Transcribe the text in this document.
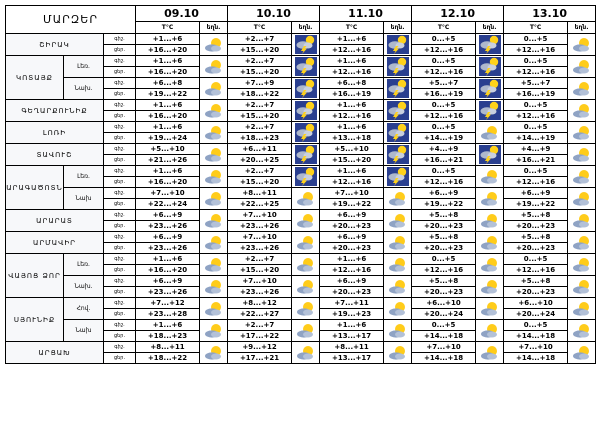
ՄԱՐԶԵՐ			09.10		10.10		11.10		12.10		13.10	
			T°C	եղն.	T°C	եղն.	T°C	եղն.	T°C	եղն.	T°C	եղն.
ՇԻՐԱԿ		գիշ.	+1...+6		+2...+7		+1...+6		0...+5		0...+5	

		ցեր.	+16...+20		+15...+20		+12...+16		+12...+16		+12...+16	
ԿՈՏԱՅՔ	Լեռ.	գիշ.	+1...+6		+2...+7		+1...+6		0...+5		0...+5	

		ցեր.	+16...+20		+15...+20		+12...+16		+12...+16		+12...+16	
	Նախ.	գիշ.	+6...+8		+7...+9		+6...+8		+5...+7		+5...+7	

		ցեր.	+19...+22		+18...+22		+16...+19		+16...+19		+16...+19	
ԳԵՂԱՐՔՈՒՆԻՔ		գիշ.	+1...+6		+2...+7		+1...+6		0...+5		0...+5	

		ցեր.	+16...+20		+15...+20		+12...+16		+12...+16		+12...+16	
ԼՈՌԻ		գիշ.	+1...+6		+2...+7		+1...+6		0...+5		0...+5	

		ցեր.	+19...+24		+18...+23		+13...+18		+14...+19		+14...+19	
ՏԱՎՈՒՇ		գիշ.	+5...+10		+6...+11		+5...+10		+4...+9		+4...+9	

		ցեր.	+21...+26		+20...+25		+15...+20		+16...+21		+16...+21	
ԱՐԱԳԱԾՈՏՆ	Լեռ.	գիշ.	+1...+6		+2...+7		+1...+6		0...+5		0...+5	

		ցեր.	+16...+20		+15...+20		+12...+16		+12...+16		+12...+16	
	Նախ	գիշ.	+7...+10		+8...+11		+7...+10		+6...+9		+6...+9	

		ցեր.	+22...+24		+22...+25		+19...+22		+19...+22		+19...+22	
ԱՐԱՐԱՏ		գիշ.	+6...+9		+7...+10		+6...+9		+5...+8		+5...+8	

		ցեր.	+23...+26		+23...+26		+20...+23		+20...+23		+20...+23	
ԱՐՄԱՎԻՐ		գիշ.	+6...+9		+7...+10		+6...+9		+5...+8		+5...+8	

		ցեր.	+23...+26		+23...+26		+20...+23		+20...+23		+20...+23	
ՎԱՅՈՑ ՁՈՐ	Լեռ.	գիշ.	+1...+6		+2...+7		+1...+6		0...+5		0...+5	

		ցեր.	+16...+20		+15...+20		+12...+16		+12...+16		+12...+16	
	Նախ.	գիշ.	+6...+9		+7...+10		+6...+9		+5...+8		+5...+8	

		ցեր.	+23...+26		+23...+26		+20...+23		+20...+23		+20...+23	
ՍՅՈՒՆԻՔ	Հով.	գիշ.	+7...+12		+8...+12		+7...+11		+6...+10		+6...+10	

		ցեր.	+23...+28		+22...+27		+19...+23		+20...+24		+20...+24	
	Նախ	գիշ.	+1...+6		+2...+7		+1...+6		0...+5		0...+5	

		ցեր.	+18...+23		+17...+22		+13...+17		+14...+18		+14...+18	
ԱՐՑԱԽ		գիշ.	+8...+11		+9...+12		+8...+11		+7...+10		+7...+10	

		ցեր.	+18...+22		+17...+21		+13...+17		+14...+18		+14...+18	
